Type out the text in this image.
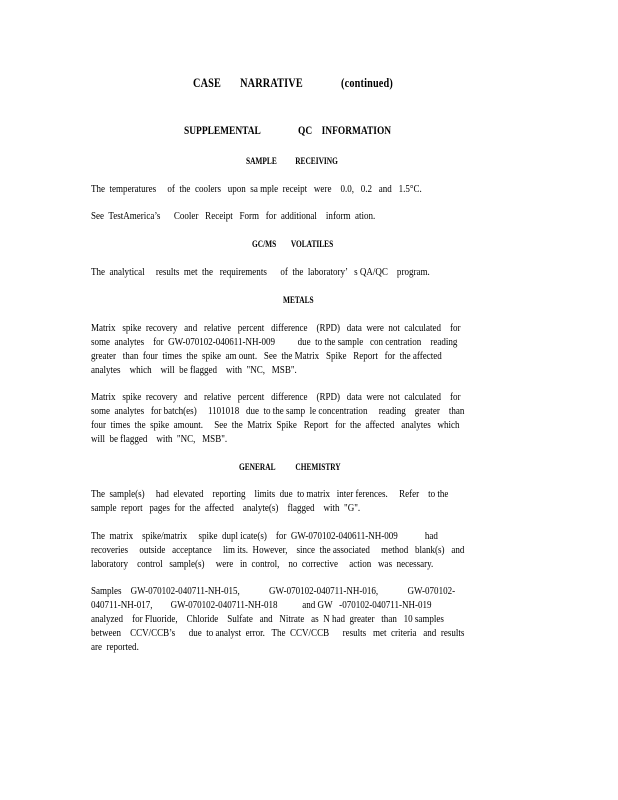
CASE       NARRATIVE              (continued)
SUPPLEMENTAL                QC    INFORMATION
SAMPLE          RECEIVING
The  temperatures     of  the  coolers   upon  sa mple  receipt   were    0.0,   0.2   and   1.5°C.
See  TestAmerica’s      Cooler   Receipt   Form   for  additional    inform  ation.
GC/MS        VOLATILES
The  analytical     results  met  the   requirements      of  the  laboratory’   s QA/QC    program.
METALS
Matrix   spike  recovery   and   relative   percent   difference    (RPD)   data  were  not  calculated    for
some  analytes    for  GW-070102-040611-NH-009          due  to the sample   con centration    reading
greater   than  four  times  the  spike  am ount.   See  the Matrix   Spike   Report   for  the affected
analytes    which    will  be flagged    with  "NC,   MSB".
Matrix   spike  recovery   and   relative   percent   difference    (RPD)   data  were  not  calculated    for
some  analytes   for batch(es)     1101018   due  to the samp  le concentration     reading    greater    than
four  times  the  spike  amount.     See  the  Matrix  Spike   Report   for  the  affected   analytes   which
will  be flagged    with  "NC,   MSB".
GENERAL           CHEMISTRY
The  sample(s)     had  elevated    reporting    limits  due  to matrix   inter ferences.     Refer    to the
sample  report   pages  for  the  affected    analyte(s)    flagged    with  "G".
The  matrix    spike/matrix     spike  dupl icate(s)    for  GW-070102-040611-NH-009            had
recoveries     outside   acceptance     lim its.  However,    since  the associated     method   blank(s)   and
laboratory    control   sample(s)     were   in  control,    no  corrective     action   was  necessary.
Samples    GW-070102-040711-NH-015,             GW-070102-040711-NH-016,             GW-070102-
040711-NH-017,        GW-070102-040711-NH-018           and GW   -070102-040711-NH-019
analyzed    for Fluoride,    Chloride    Sulfate   and   Nitrate   as  N had  greater   than   10 samples
between    CCV/CCB’s      due  to analyst  error.   The  CCV/CCB      results   met  criteria   and  results
are  reported.
